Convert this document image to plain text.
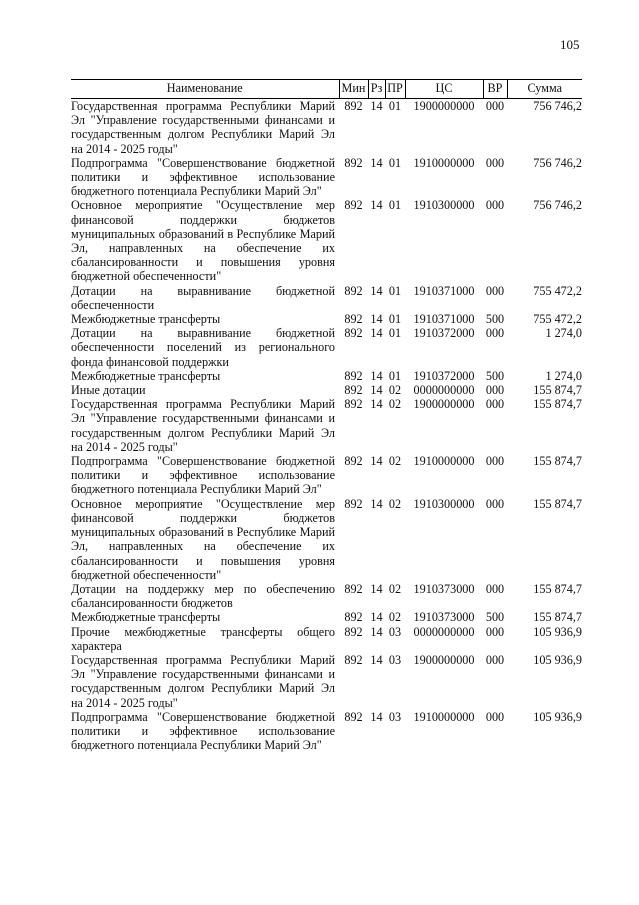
105
Наименование	Мин	Рз	ПР	ЦС	ВР	Сумма
Государственная программа Республики Марий Эл "Управление государственными финансами и государственным долгом Республики Марий Эл на 2014 - 2025 годы"	892	14	01	1900000000	000	756 746,2
Подпрограмма "Совершенствование бюджетной политики и эффективное использование бюджетного потенциала Республики Марий Эл"	892	14	01	1910000000	000	756 746,2
Основное мероприятие "Осуществление мер финансовой поддержки бюджетов муниципальных образований в Республике Марий Эл, направленных на обеспечение их сбалансированности и повышения уровня бюджетной обеспеченности"	892	14	01	1910300000	000	756 746,2
Дотации на выравнивание бюджетной обеспеченности	892	14	01	1910371000	000	755 472,2
Межбюджетные трансферты	892	14	01	1910371000	500	755 472,2
Дотации на выравнивание бюджетной обеспеченности поселений из регионального фонда финансовой поддержки	892	14	01	1910372000	000	1 274,0
Межбюджетные трансферты	892	14	01	1910372000	500	1 274,0
Иные дотации	892	14	02	0000000000	000	155 874,7
Государственная программа Республики Марий Эл "Управление государственными финансами и государственным долгом Республики Марий Эл на 2014 - 2025 годы"	892	14	02	1900000000	000	155 874,7
Подпрограмма "Совершенствование бюджетной политики и эффективное использование бюджетного потенциала Республики Марий Эл"	892	14	02	1910000000	000	155 874,7
Основное мероприятие "Осуществление мер финансовой поддержки бюджетов муниципальных образований в Республике Марий Эл, направленных на обеспечение их сбалансированности и повышения уровня бюджетной обеспеченности"	892	14	02	1910300000	000	155 874,7
Дотации на поддержку мер по обеспечению сбалансированности бюджетов	892	14	02	1910373000	000	155 874,7
Межбюджетные трансферты	892	14	02	1910373000	500	155 874,7
Прочие межбюджетные трансферты общего характера	892	14	03	0000000000	000	105 936,9
Государственная программа Республики Марий Эл "Управление государственными финансами и государственным долгом Республики Марий Эл на 2014 - 2025 годы"	892	14	03	1900000000	000	105 936,9
Подпрограмма "Совершенствование бюджетной политики и эффективное использование бюджетного потенциала Республики Марий Эл"	892	14	03	1910000000	000	105 936,9
